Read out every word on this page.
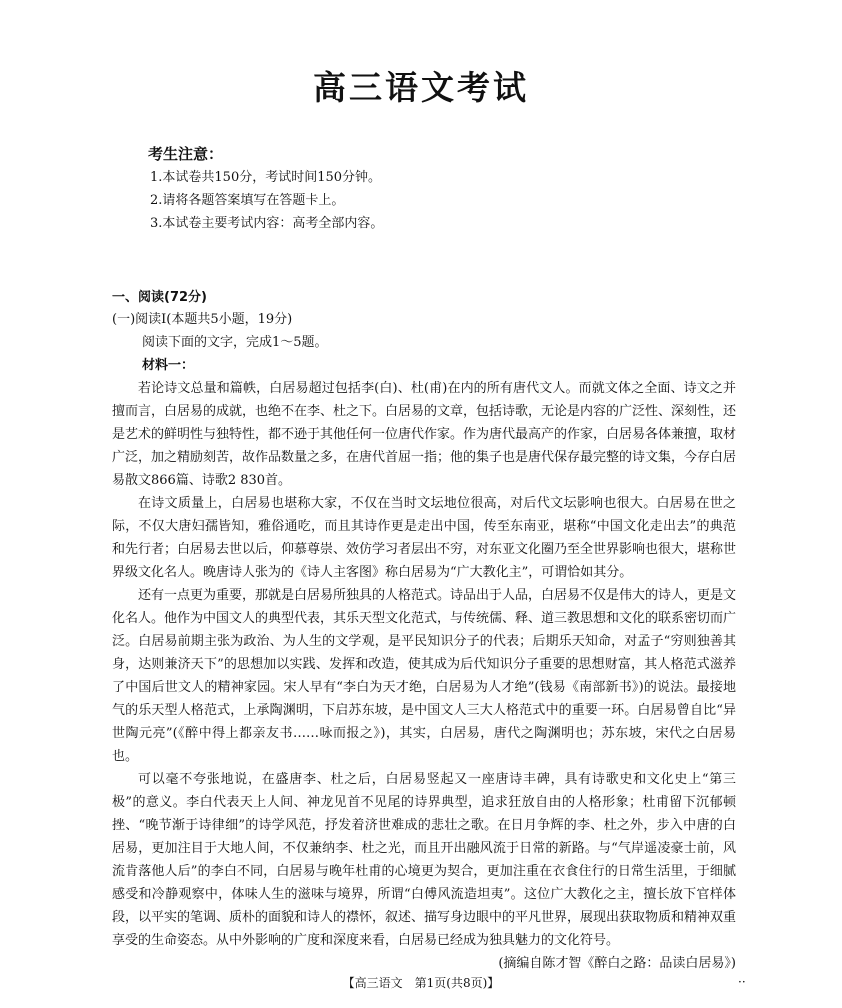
高三语文考试
考生注意：
1.本试卷共150分，考试时间150分钟。
2.请将各题答案填写在答题卡上。
3.本试卷主要考试内容：高考全部内容。
一、阅读(72分)
(一)阅读Ⅰ(本题共5小题，19分)
阅读下面的文字，完成1～5题。
材料一：

若论诗文总量和篇帙，白居易超过包括李(白)、杜(甫)在内的所有唐代文人。而就文体之全面、诗文之并擅而言，白居易的成就，也绝不在李、杜之下。白居易的文章，包括诗歌，无论是内容的广泛性、深刻性，还是艺术的鲜明性与独特性，都不逊于其他任何一位唐代作家。作为唐代最高产的作家，白居易各体兼擅，取材广泛，加之精励刻苦，故作品数量之多，在唐代首屈一指；他的集子也是唐代保存最完整的诗文集，今存白居易散文866篇、诗歌2 830首。

在诗文质量上，白居易也堪称大家，不仅在当时文坛地位很高，对后代文坛影响也很大。白居易在世之际，不仅大唐妇孺皆知，雅俗通吃，而且其诗作更是走出中国，传至东南亚，堪称“中国文化走出去”的典范和先行者；白居易去世以后，仰慕尊崇、效仿学习者层出不穷，对东亚文化圈乃至全世界影响也很大，堪称世界级文化名人。晚唐诗人张为的《诗人主客图》称白居易为“广大教化主”，可谓恰如其分。

还有一点更为重要，那就是白居易所独具的人格范式。诗品出于人品，白居易不仅是伟大的诗人，更是文化名人。他作为中国文人的典型代表，其乐天型文化范式，与传统儒、释、道三教思想和文化的联系密切而广泛。白居易前期主张为政治、为人生的文学观，是平民知识分子的代表；后期乐天知命，对孟子“穷则独善其身，达则兼济天下”的思想加以实践、发挥和改造，使其成为后代知识分子重要的思想财富，其人格范式滋养了中国后世文人的精神家园。宋人早有“李白为天才绝，白居易为人才绝”(钱易《南部新书》)的说法。最接地气的乐天型人格范式，上承陶渊明，下启苏东坡，是中国文人三大人格范式中的重要一环。白居易曾自比“异世陶元亮”(《醉中得上都亲友书……咏而报之》)，其实，白居易，唐代之陶渊明也；苏东坡，宋代之白居易也。

可以毫不夸张地说，在盛唐李、杜之后，白居易竖起又一座唐诗丰碑，具有诗歌史和文化史上“第三极”的意义。李白代表天上人间、神龙见首不见尾的诗界典型，追求狂放自由的人格形象；杜甫留下沉郁顿挫、“晚节渐于诗律细”的诗学风范，抒发着济世难成的悲壮之歌。在日月争辉的李、杜之外，步入中唐的白居易，更加注目于大地人间，不仅兼纳李、杜之光，而且开出融风流于日常的新路。与“气岸遥凌豪士前，风流肯落他人后”的李白不同，白居易与晚年杜甫的心境更为契合，更加注重在衣食住行的日常生活里，于细腻感受和冷静观察中，体味人生的滋味与境界，所谓“白傅风流造坦夷”。这位广大教化之主，擅长放下官样体段，以平实的笔调、质朴的面貌和诗人的襟怀，叙述、描写身边眼中的平凡世界，展现出获取物质和精神双重享受的生命姿态。从中外影响的广度和深度来看，白居易已经成为独具魅力的文化符号。

(摘编自陈才智《醉白之路：品读白居易》)

【高三语文　第1页(共8页)】	··
